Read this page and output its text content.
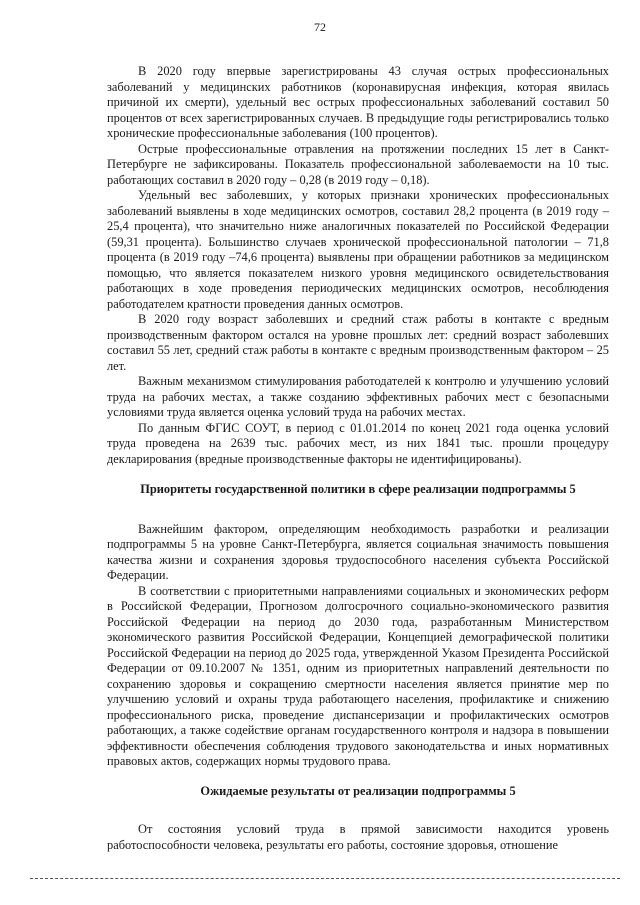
72

В 2020 году впервые зарегистрированы 43 случая острых профессиональных заболеваний у медицинских работников (коронавирусная инфекция, которая явилась причиной их смерти), удельный вес острых профессиональных заболеваний составил 50 процентов от всех зарегистрированных случаев. В предыдущие годы регистрировались только хронические профессиональные заболевания (100 процентов).

Острые профессиональные отравления на протяжении последних 15 лет в Санкт-Петербурге не зафиксированы. Показатель профессиональной заболеваемости на 10 тыс. работающих составил в 2020 году – 0,28 (в 2019 году – 0,18).

Удельный вес заболевших, у которых признаки хронических профессиональных заболеваний выявлены в ходе медицинских осмотров, составил 28,2 процента (в 2019 году – 25,4 процента), что значительно ниже аналогичных показателей по Российской Федерации (59,31 процента). Большинство случаев хронической профессиональной патологии – 71,8 процента (в 2019 году –74,6 процента) выявлены при обращении работников за медицинском помощью, что является показателем низкого уровня медицинского освидетельствования работающих в ходе проведения периодических медицинских осмотров, несоблюдения работодателем кратности проведения данных осмотров.

В 2020 году возраст заболевших и средний стаж работы в контакте с вредным производственным фактором остался на уровне прошлых лет: средний возраст заболевших составил 55 лет, средний стаж работы в контакте с вредным производственным фактором – 25 лет.

Важным механизмом стимулирования работодателей к контролю и улучшению условий труда на рабочих местах, а также созданию эффективных рабочих мест с безопасными условиями труда является оценка условий труда на рабочих местах.

По данным ФГИС СОУТ, в период с 01.01.2014 по конец 2021 года оценка условий труда проведена на 2639 тыс. рабочих мест, из них 1841 тыс. прошли процедуру декларирования (вредные производственные факторы не идентифицированы).

Приоритеты государственной политики в сфере реализации подпрограммы 5

Важнейшим фактором, определяющим необходимость разработки и реализации подпрограммы 5 на уровне Санкт-Петербурга, является социальная значимость повышения качества жизни и сохранения здоровья трудоспособного населения субъекта Российской Федерации.

В соответствии с приоритетными направлениями социальных и экономических реформ в Российской Федерации, Прогнозом долгосрочного социально-экономического развития Российской Федерации на период до 2030 года, разработанным Министерством экономического развития Российской Федерации, Концепцией демографической политики Российской Федерации на период до 2025 года, утвержденной Указом Президента Российской Федерации от 09.10.2007 № 1351, одним из приоритетных направлений деятельности по сохранению здоровья и сокращению смертности населения является принятие мер по улучшению условий и охраны труда работающего населения, профилактике и снижению профессионального риска, проведение диспансеризации и профилактических осмотров работающих, а также содействие органам государственного контроля и надзора в повышении эффективности обеспечения соблюдения трудового законодательства и иных нормативных правовых актов, содержащих нормы трудового права.

Ожидаемые результаты от реализации подпрограммы 5

От состояния условий труда в прямой зависимости находится уровень работоспособности человека, результаты его работы, состояние здоровья, отношение
